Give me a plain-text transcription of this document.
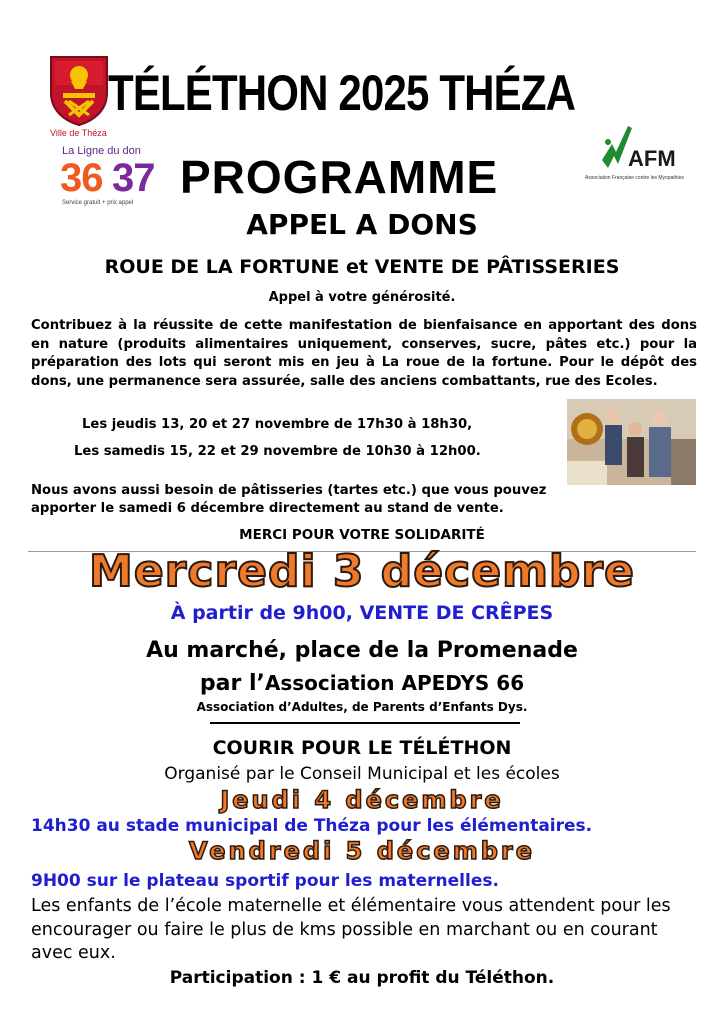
Ville de Théza
La Ligne du don
36 37
Service gratuit + prix appel
AFM
Association Française contre les Myopathies
TÉLÉTHON 2025 THÉZA
PROGRAMME
APPEL A DONS
ROUE DE LA FORTUNE et VENTE DE PÂTISSERIES
Appel à votre générosité.
Contribuez à la réussite de cette manifestation de bienfaisance en apportant des dons en nature (produits alimentaires uniquement, conserves, sucre, pâtes etc.) pour la préparation des lots qui seront mis en jeu à La roue de la fortune. Pour le dépôt des dons, une permanence sera assurée, salle des anciens combattants, rue des Ecoles.
Les jeudis 13, 20 et 27 novembre de 17h30 à 18h30,
Les samedis 15, 22 et 29 novembre de 10h30 à 12h00.
Nous avons aussi besoin de pâtisseries (tartes etc.) que vous pouvez apporter le samedi 6 décembre directement au stand de vente.
MERCI POUR VOTRE SOLIDARITÉ
Mercredi 3 décembre
À partir de 9h00, VENTE DE CRÊPES
Au marché, place de la Promenade
par l’Association APEDYS 66
Association d’Adultes, de Parents d’Enfants Dys.
COURIR POUR LE TÉLÉTHON
Organisé par le Conseil Municipal et les écoles
Jeudi 4 décembre
14h30 au stade municipal de Théza pour les élémentaires.
Vendredi 5 décembre
9H00 sur le plateau sportif pour les maternelles.
Les enfants de l’école maternelle et élémentaire vous attendent pour les encourager ou faire le plus de kms possible en marchant ou en courant avec eux.
Participation : 1 € au profit du Téléthon.
